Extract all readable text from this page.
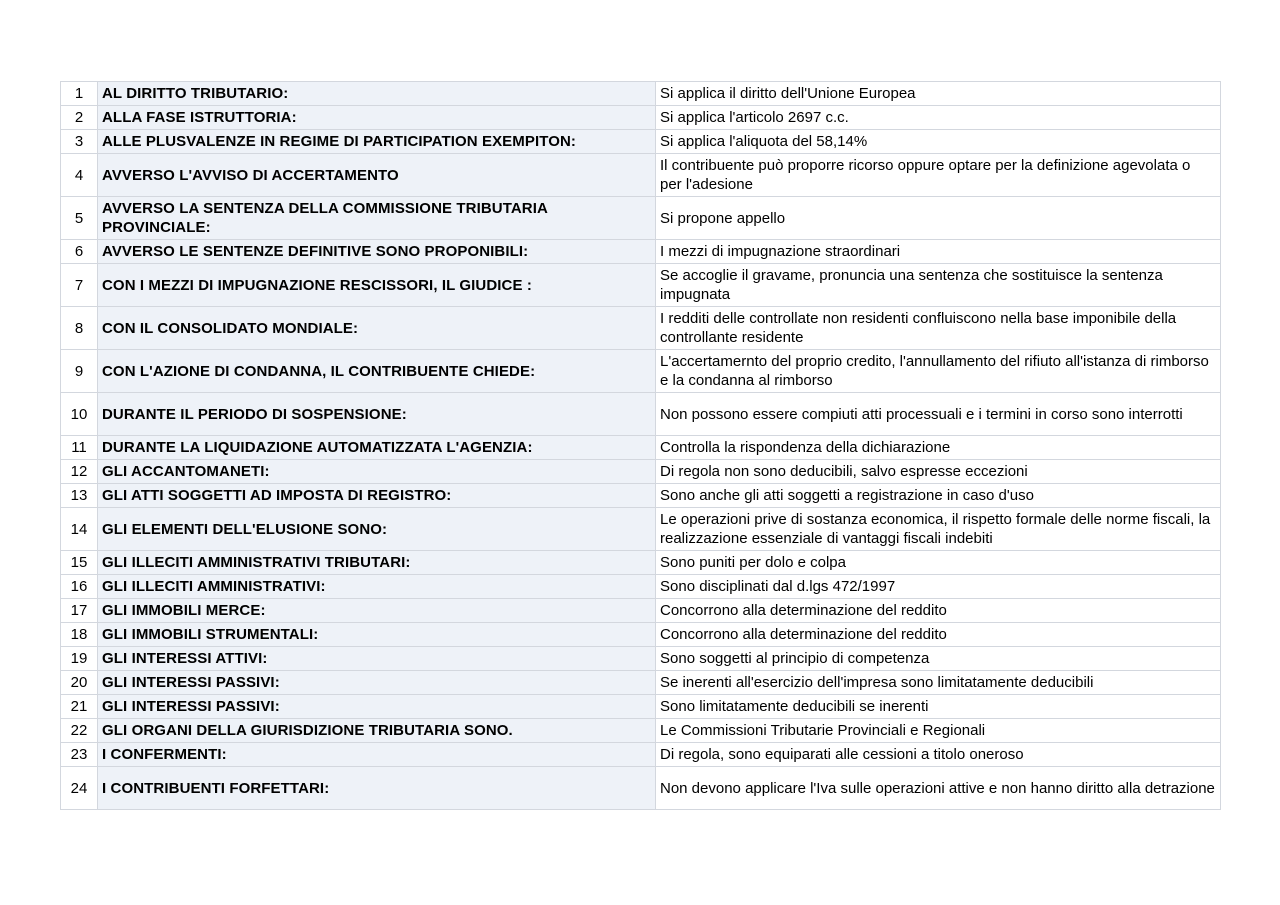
1	AL DIRITTO TRIBUTARIO:	Si applica il diritto dell'Unione Europea
2	ALLA FASE ISTRUTTORIA:	Si applica l'articolo 2697 c.c.
3	ALLE PLUSVALENZE IN REGIME DI PARTICIPATION EXEMPITON:	Si applica l'aliquota del 58,14%
4	AVVERSO L'AVVISO DI ACCERTAMENTO	Il contribuente può proporre ricorso oppure optare per la definizione agevolata o per l'adesione
5	AVVERSO LA SENTENZA DELLA COMMISSIONE TRIBUTARIA PROVINCIALE:	Si propone appello
6	AVVERSO LE SENTENZE DEFINITIVE SONO PROPONIBILI:	I mezzi di impugnazione straordinari
7	CON I MEZZI DI IMPUGNAZIONE RESCISSORI, IL GIUDICE :	Se accoglie il gravame, pronuncia una sentenza che sostituisce la sentenza impugnata
8	CON IL CONSOLIDATO MONDIALE:	I redditi delle controllate non residenti confluiscono nella base imponibile della controllante residente
9	CON L'AZIONE DI CONDANNA, IL CONTRIBUENTE CHIEDE:	L'accertamernto del proprio credito, l'annullamento del rifiuto all'istanza di rimborso e la condanna al rimborso
10	DURANTE IL PERIODO DI SOSPENSIONE:	Non possono essere compiuti atti processuali e i termini in corso sono interrotti
11	DURANTE LA LIQUIDAZIONE AUTOMATIZZATA L'AGENZIA:	Controlla la rispondenza della dichiarazione
12	GLI ACCANTOMANETI:	Di regola non sono deducibili, salvo espresse eccezioni
13	GLI ATTI SOGGETTI AD IMPOSTA DI REGISTRO:	Sono anche gli atti soggetti a registrazione in caso d'uso
14	GLI ELEMENTI DELL'ELUSIONE SONO:	Le operazioni prive di sostanza economica, il rispetto formale delle norme fiscali, la realizzazione essenziale di vantaggi fiscali indebiti
15	GLI ILLECITI AMMINISTRATIVI TRIBUTARI:	Sono puniti per dolo e colpa
16	GLI ILLECITI AMMINISTRATIVI:	Sono disciplinati dal d.lgs 472/1997
17	GLI IMMOBILI MERCE:	Concorrono alla determinazione del reddito
18	GLI IMMOBILI STRUMENTALI:	Concorrono alla determinazione del reddito
19	GLI INTERESSI ATTIVI:	Sono soggetti al principio di competenza
20	GLI INTERESSI PASSIVI:	Se inerenti all'esercizio dell'impresa sono limitatamente deducibili
21	GLI INTERESSI PASSIVI:	Sono limitatamente deducibili se inerenti
22	GLI ORGANI DELLA GIURISDIZIONE TRIBUTARIA SONO.	Le Commissioni Tributarie Provinciali e Regionali
23	I CONFERMENTI:	Di regola, sono equiparati alle cessioni a titolo oneroso
24	I CONTRIBUENTI FORFETTARI:	Non devono applicare l'Iva sulle operazioni attive e non hanno diritto alla detrazione
